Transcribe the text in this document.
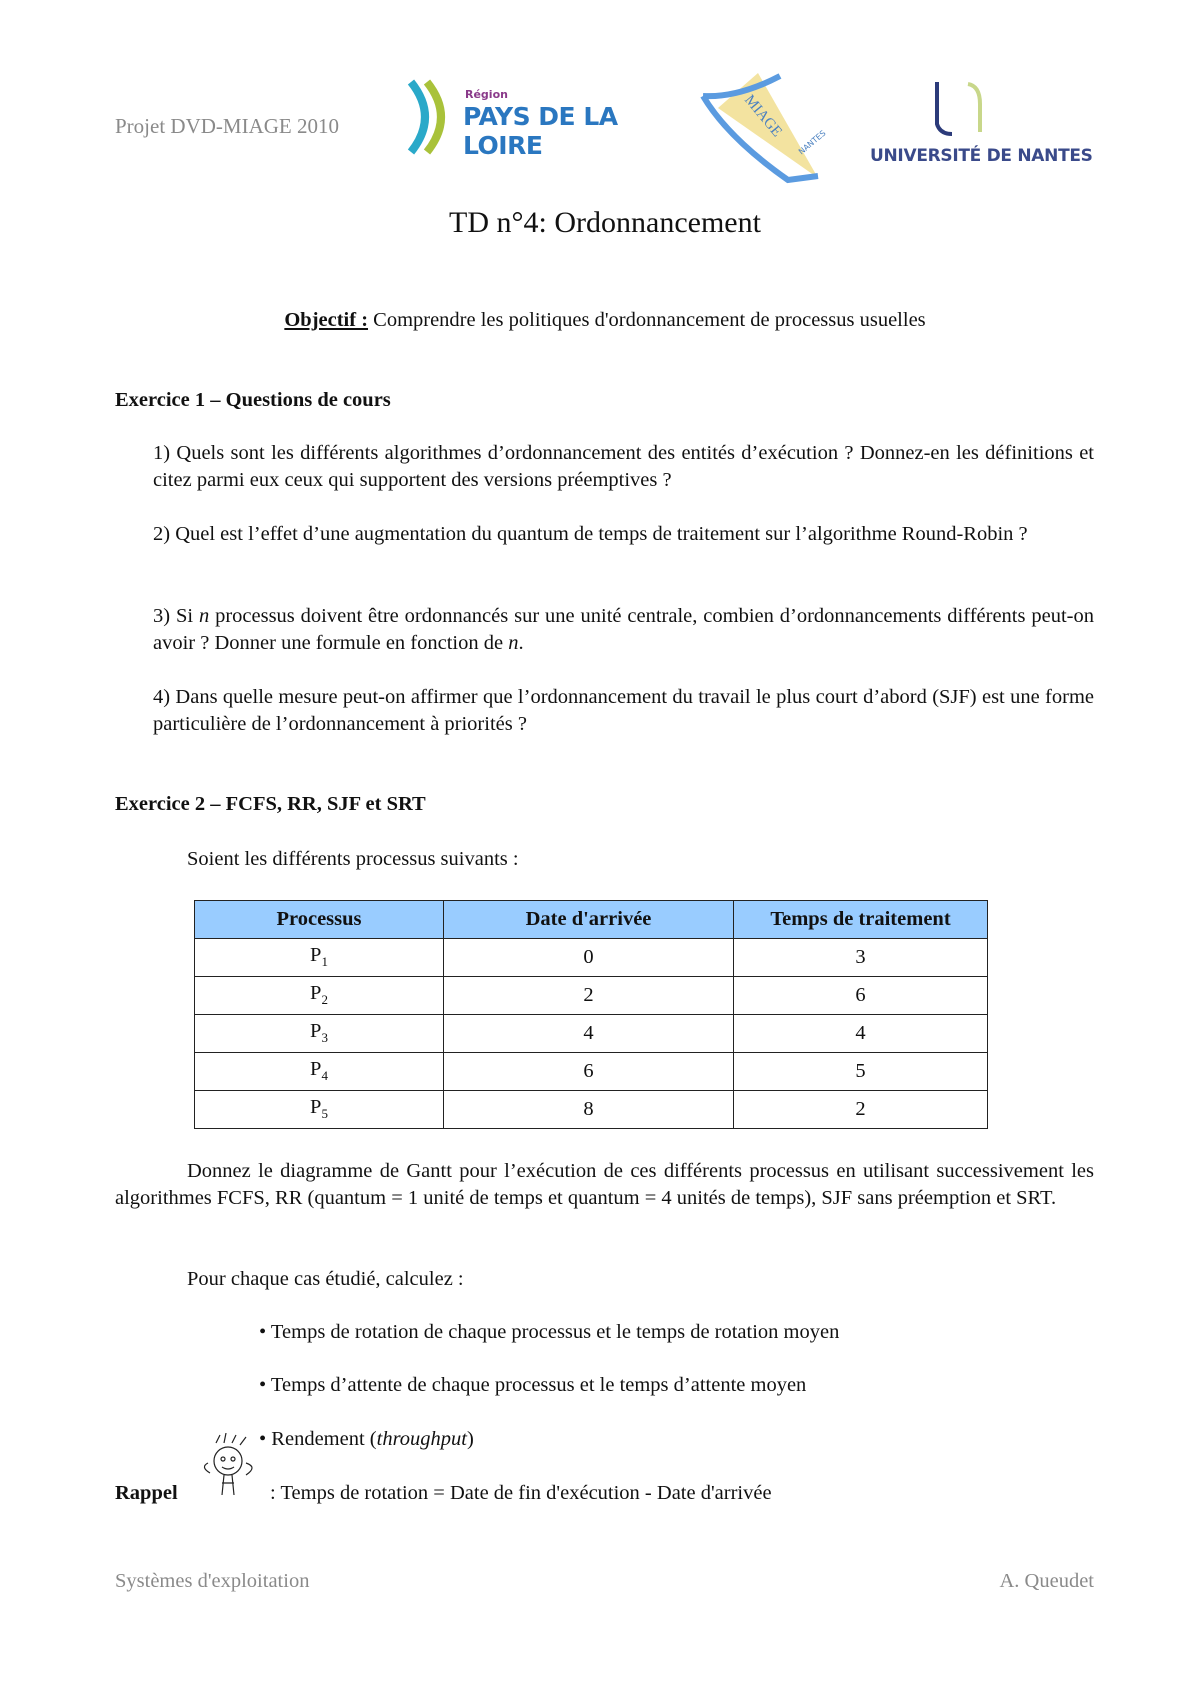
Projet DVD-MIAGE 2010
Région
PAYS DE LA LOIRE
MIAGE
NANTES UNIVERSITÉ DE NANTES
TD n°4: Ordonnancement
Objectif : Comprendre les politiques d'ordonnancement de processus usuelles
Exercice 1 – Questions de cours
1) Quels sont les différents algorithmes d’ordonnancement des entités d’exécution ? Donnez-en les définitions et citez parmi eux ceux qui supportent des versions préemptives ?
2) Quel est l’effet d’une augmentation du quantum de temps de traitement sur l’algorithme Round-Robin ?
3) Si n processus doivent être ordonnancés sur une unité centrale, combien d’ordonnancements différents peut-on avoir ? Donner une formule en fonction de n.
4) Dans quelle mesure peut-on affirmer que l’ordonnancement du travail le plus court d’abord (SJF) est une forme particulière de l’ordonnancement à priorités ?
Exercice 2 – FCFS, RR, SJF et SRT
Soient les différents processus suivants :
Processus	Date d'arrivée	Temps de traitement
$P_1$	0	3
$P_2$	2	6
$P_3$	4	4
$P_4$	6	5
$P_5$	8	2
Donnez le diagramme de Gantt pour l’exécution de ces différents processus en utilisant successivement les algorithmes FCFS, RR (quantum = 1 unité de temps et quantum = 4 unités de temps), SJF sans préemption et SRT.
Pour chaque cas étudié, calculez :
• Temps de rotation de chaque processus et le temps de rotation moyen
• Temps d’attente de chaque processus et le temps d’attente moyen
• Rendement (throughput)
Rappel	: Temps de rotation = Date de fin d'exécution - Date d'arrivée
Systèmes d'exploitation	A. Queudet
